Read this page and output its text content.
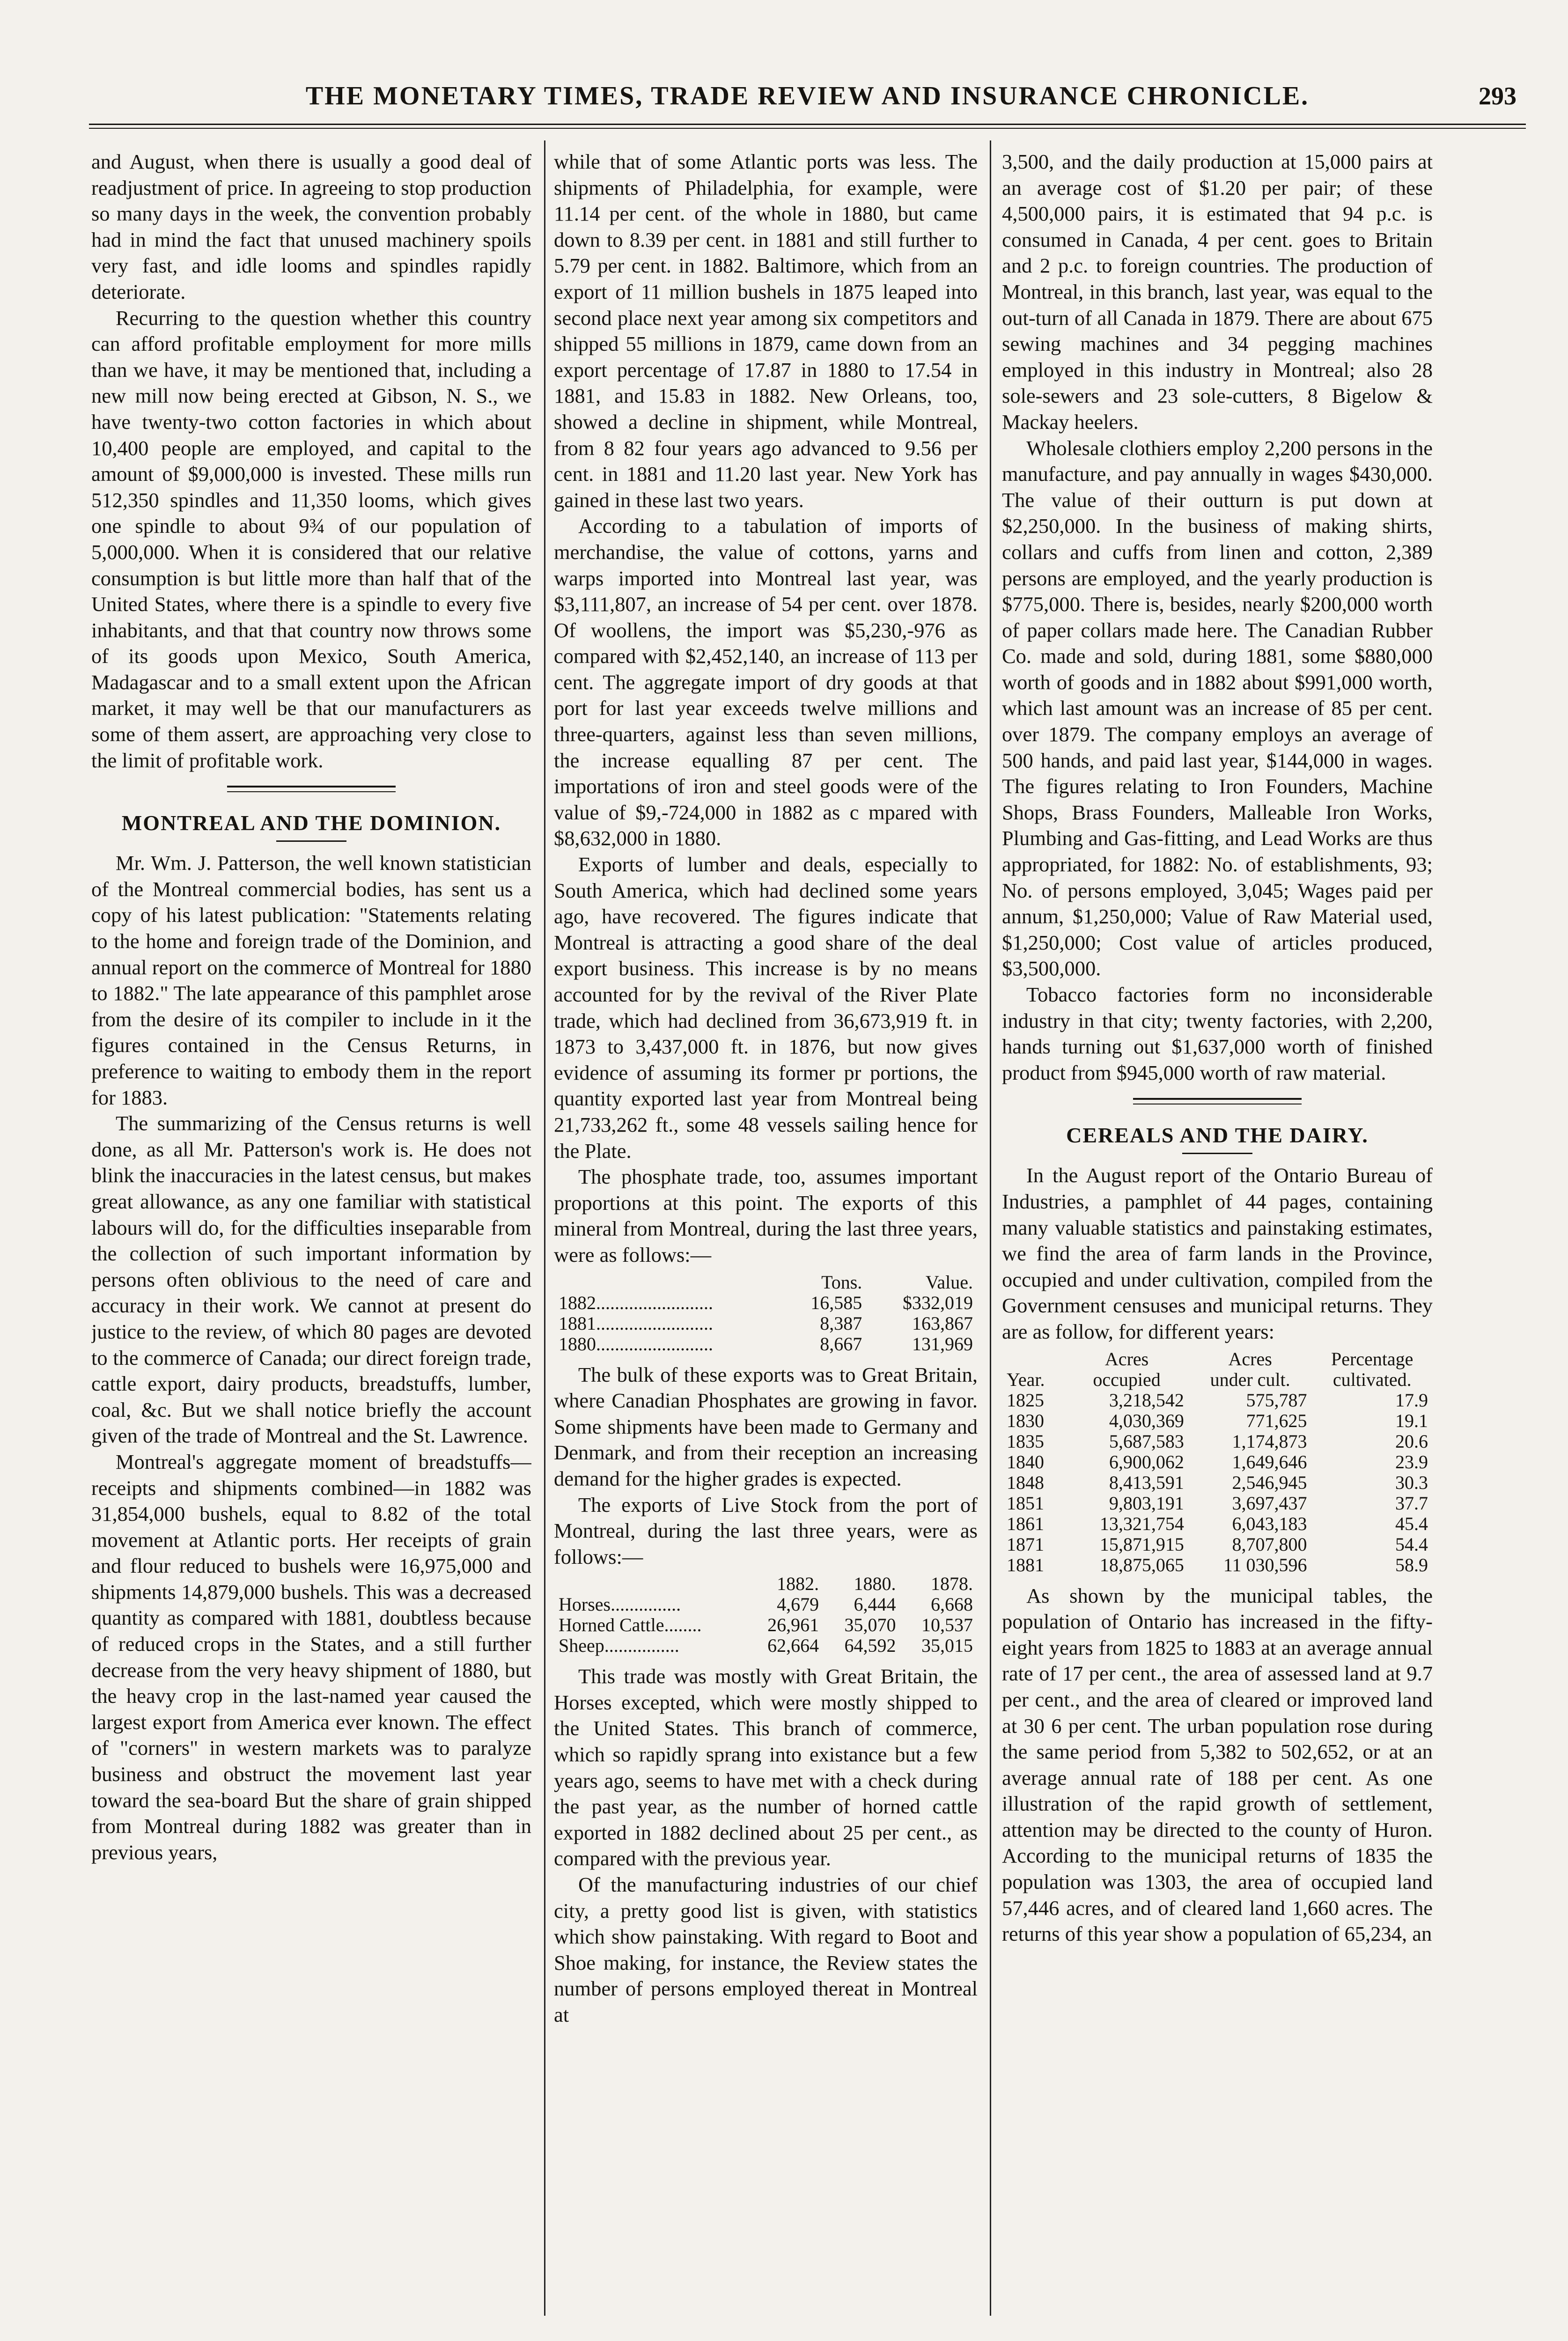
THE MONETARY TIMES, TRADE REVIEW AND INSURANCE CHRONICLE.	293

and August, when there is usually a good deal of readjustment of price. In agreeing to stop production so many days in the week, the convention probably had in mind the fact that unused machinery spoils very fast, and idle looms and spindles rapidly deteriorate.

Recurring to the question whether this country can afford profitable employment for more mills than we have, it may be mentioned that, including a new mill now being erected at Gibson, N. S., we have twenty-two cotton factories in which about 10,400 people are employed, and capital to the amount of $9,000,000 is invested. These mills run 512,350 spindles and 11,350 looms, which gives one spindle to about 9¾ of our population of 5,000,000. When it is considered that our relative consumption is but little more than half that of the United States, where there is a spindle to every five inhabitants, and that that country now throws some of its goods upon Mexico, South America, Madagascar and to a small extent upon the African market, it may well be that our manufacturers as some of them assert, are approaching very close to the limit of profitable work.

MONTREAL AND THE DOMINION.

Mr. Wm. J. Patterson, the well known statistician of the Montreal commercial bodies, has sent us a copy of his latest publication: "Statements relating to the home and foreign trade of the Dominion, and annual report on the commerce of Montreal for 1880 to 1882." The late appearance of this pamphlet arose from the desire of its compiler to include in it the figures contained in the Census Returns, in preference to waiting to embody them in the report for 1883.

The summarizing of the Census returns is well done, as all Mr. Patterson's work is. He does not blink the inaccuracies in the latest census, but makes great allowance, as any one familiar with statistical labours will do, for the difficulties inseparable from the collection of such important information by persons often oblivious to the need of care and accuracy in their work. We cannot at present do justice to the review, of which 80 pages are devoted to the commerce of Canada; our direct foreign trade, cattle export, dairy products, breadstuffs, lumber, coal, &c. But we shall notice briefly the account given of the trade of Montreal and the St. Lawrence.

Montreal's aggregate moment of breadstuffs—receipts and shipments combined—in 1882 was 31,854,000 bushels, equal to 8.82 of the total movement at Atlantic ports. Her receipts of grain and flour reduced to bushels were 16,975,000 and shipments 14,879,000 bushels. This was a decreased quantity as compared with 1881, doubtless because of reduced crops in the States, and a still further decrease from the very heavy shipment of 1880, but the heavy crop in the last-named year caused the largest export from America ever known. The effect of "corners" in western markets was to paralyze business and obstruct the movement last year toward the sea-board But the share of grain shipped from Montreal during 1882 was greater than in previous years,

while that of some Atlantic ports was less. The shipments of Philadelphia, for example, were 11.14 per cent. of the whole in 1880, but came down to 8.39 per cent. in 1881 and still further to 5.79 per cent. in 1882. Baltimore, which from an export of 11 million bushels in 1875 leaped into second place next year among six competitors and shipped 55 millions in 1879, came down from an export percentage of 17.87 in 1880 to 17.54 in 1881, and 15.83 in 1882. New Orleans, too, showed a decline in shipment, while Montreal, from 8 82 four years ago advanced to 9.56 per cent. in 1881 and 11.20 last year. New York has gained in these last two years.

According to a tabulation of imports of merchandise, the value of cottons, yarns and warps imported into Montreal last year, was $3,111,807, an increase of 54 per cent. over 1878. Of woollens, the import was $5,230,-976 as compared with $2,452,140, an increase of 113 per cent. The aggregate import of dry goods at that port for last year exceeds twelve millions and three-quarters, against less than seven millions, the increase equalling 87 per cent. The importations of iron and steel goods were of the value of $9,-724,000 in 1882 as c mpared with $8,632,000 in 1880.

Exports of lumber and deals, especially to South America, which had declined some years ago, have recovered. The figures indicate that Montreal is attracting a good share of the deal export business. This increase is by no means accounted for by the revival of the River Plate trade, which had declined from 36,673,919 ft. in 1873 to 3,437,000 ft. in 1876, but now gives evidence of assuming its former pr portions, the quantity exported last year from Montreal being 21,733,262 ft., some 48 vessels sailing hence for the Plate.

The phosphate trade, too, assumes important proportions at this point. The exports of this mineral from Montreal, during the last three years, were as follows:—

	Tons.	Value.
1882.........................	16,585	$332,019
1881.........................	8,387	163,867
1880.........................	8,667	131,969

The bulk of these exports was to Great Britain, where Canadian Phosphates are growing in favor. Some shipments have been made to Germany and Denmark, and from their reception an increasing demand for the higher grades is expected.

The exports of Live Stock from the port of Montreal, during the last three years, were as follows:—

	1882.	1880.	1878.
Horses...............	4,679	6,444	6,668
Horned Cattle........	26,961	35,070	10,537
Sheep................	62,664	64,592	35,015

This trade was mostly with Great Britain, the Horses excepted, which were mostly shipped to the United States. This branch of commerce, which so rapidly sprang into existance but a few years ago, seems to have met with a check during the past year, as the number of horned cattle exported in 1882 declined about 25 per cent., as compared with the previous year.

Of the manufacturing industries of our chief city, a pretty good list is given, with statistics which show painstaking. With regard to Boot and Shoe making, for instance, the Review states the number of persons employed thereat in Montreal at

3,500, and the daily production at 15,000 pairs at an average cost of $1.20 per pair; of these 4,500,000 pairs, it is estimated that 94 p.c. is consumed in Canada, 4 per cent. goes to Britain and 2 p.c. to foreign countries. The production of Montreal, in this branch, last year, was equal to the out-turn of all Canada in 1879. There are about 675 sewing machines and 34 pegging machines employed in this industry in Montreal; also 28 sole-sewers and 23 sole-cutters, 8 Bigelow & Mackay heelers.

Wholesale clothiers employ 2,200 persons in the manufacture, and pay annually in wages $430,000. The value of their outturn is put down at $2,250,000. In the business of making shirts, collars and cuffs from linen and cotton, 2,389 persons are employed, and the yearly production is $775,000. There is, besides, nearly $200,000 worth of paper collars made here. The Canadian Rubber Co. made and sold, during 1881, some $880,000 worth of goods and in 1882 about $991,000 worth, which last amount was an increase of 85 per cent. over 1879. The company employs an average of 500 hands, and paid last year, $144,000 in wages. The figures relating to Iron Founders, Machine Shops, Brass Founders, Malleable Iron Works, Plumbing and Gas-fitting, and Lead Works are thus appropriated, for 1882: No. of establishments, 93; No. of persons employed, 3,045; Wages paid per annum, $1,250,000; Value of Raw Material used, $1,250,000; Cost value of articles produced, $3,500,000.

Tobacco factories form no inconsiderable industry in that city; twenty factories, with 2,200, hands turning out $1,637,000 worth of finished product from $945,000 worth of raw material.

CEREALS AND THE DAIRY.

In the August report of the Ontario Bureau of Industries, a pamphlet of 44 pages, containing many valuable statistics and painstaking estimates, we find the area of farm lands in the Province, occupied and under cultivation, compiled from the Government censuses and municipal returns. They are as follow, for different years:

	Acres	Acres	Percentage
Year.	occupied	under cult.	cultivated.
1825	3,218,542	575,787	17.9
1830	4,030,369	771,625	19.1
1835	5,687,583	1,174,873	20.6
1840	6,900,062	1,649,646	23.9
1848	8,413,591	2,546,945	30.3
1851	9,803,191	3,697,437	37.7
1861	13,321,754	6,043,183	45.4
1871	15,871,915	8,707,800	54.4
1881	18,875,065	11 030,596	58.9

As shown by the municipal tables, the population of Ontario has increased in the fifty-eight years from 1825 to 1883 at an average annual rate of 17 per cent., the area of assessed land at 9.7 per cent., and the area of cleared or improved land at 30 6 per cent. The urban population rose during the same period from 5,382 to 502,652, or at an average annual rate of 188 per cent. As one illustration of the rapid growth of settlement, attention may be directed to the county of Huron. According to the municipal returns of 1835 the population was 1303, the area of occupied land 57,446 acres, and of cleared land 1,660 acres. The returns of this year show a population of 65,234, an
